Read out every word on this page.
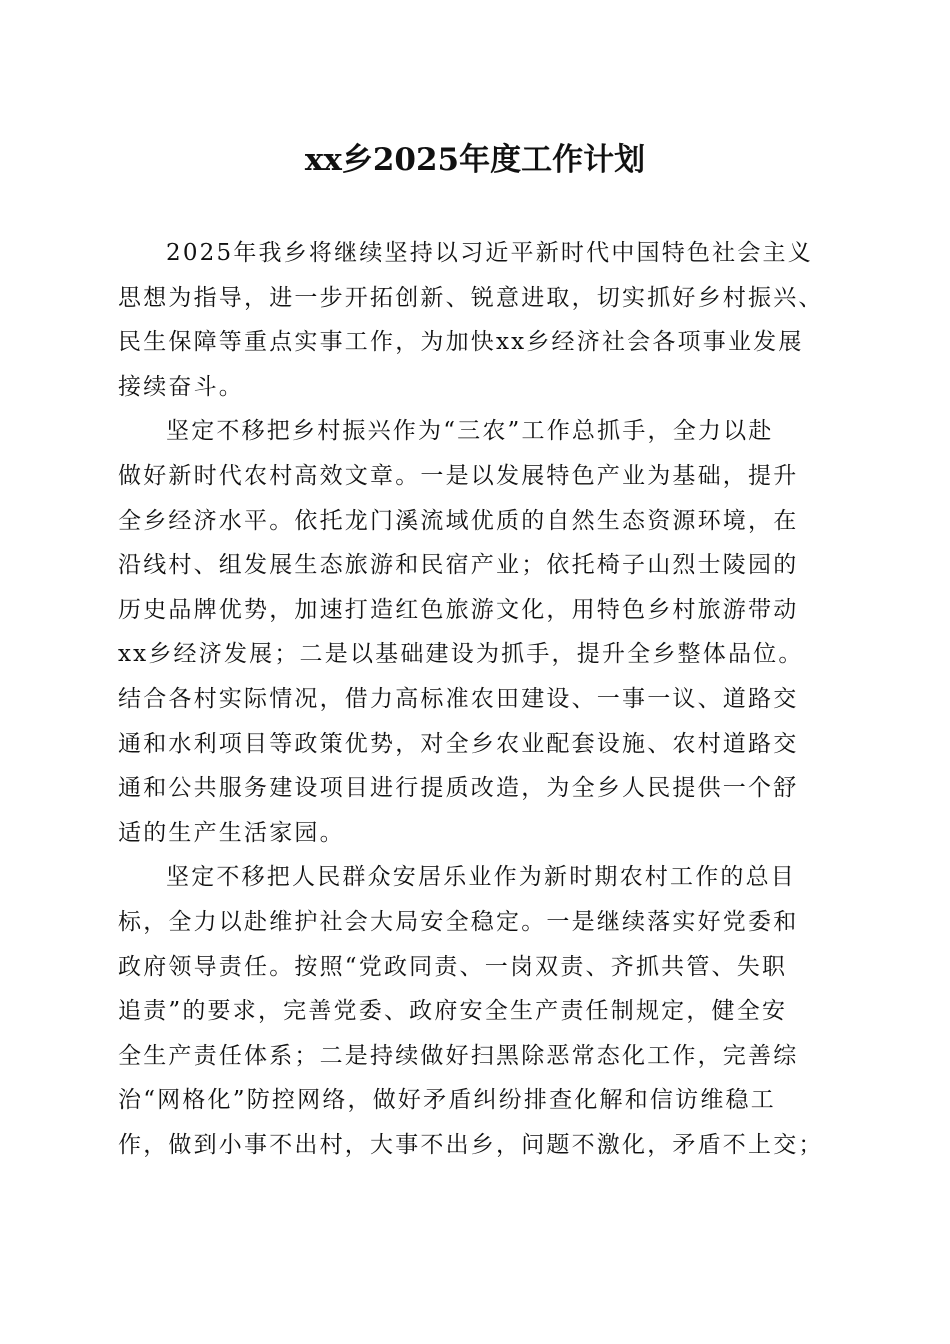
xx乡2025年度工作计划

2025年我乡将继续坚持以习近平新时代中国特色社会主义
思想为指导，进一步开拓创新、锐意进取，切实抓好乡村振兴、
民生保障等重点实事工作，为加快xx乡经济社会各项事业发展
接续奋斗。

坚定不移把乡村振兴作为“三农”工作总抓手，全力以赴
做好新时代农村高效文章。一是以发展特色产业为基础，提升
全乡经济水平。依托龙门溪流域优质的自然生态资源环境，在
沿线村、组发展生态旅游和民宿产业；依托椅子山烈士陵园的
历史品牌优势，加速打造红色旅游文化，用特色乡村旅游带动
xx乡经济发展；二是以基础建设为抓手，提升全乡整体品位。
结合各村实际情况，借力高标准农田建设、一事一议、道路交
通和水利项目等政策优势，对全乡农业配套设施、农村道路交
通和公共服务建设项目进行提质改造，为全乡人民提供一个舒
适的生产生活家园。

坚定不移把人民群众安居乐业作为新时期农村工作的总目
标，全力以赴维护社会大局安全稳定。一是继续落实好党委和
政府领导责任。按照“党政同责、一岗双责、齐抓共管、失职
追责”的要求，完善党委、政府安全生产责任制规定，健全安
全生产责任体系；二是持续做好扫黑除恶常态化工作，完善综
治“网格化”防控网络，做好矛盾纠纷排查化解和信访维稳工
作，做到小事不出村，大事不出乡，问题不激化，矛盾不上交；
